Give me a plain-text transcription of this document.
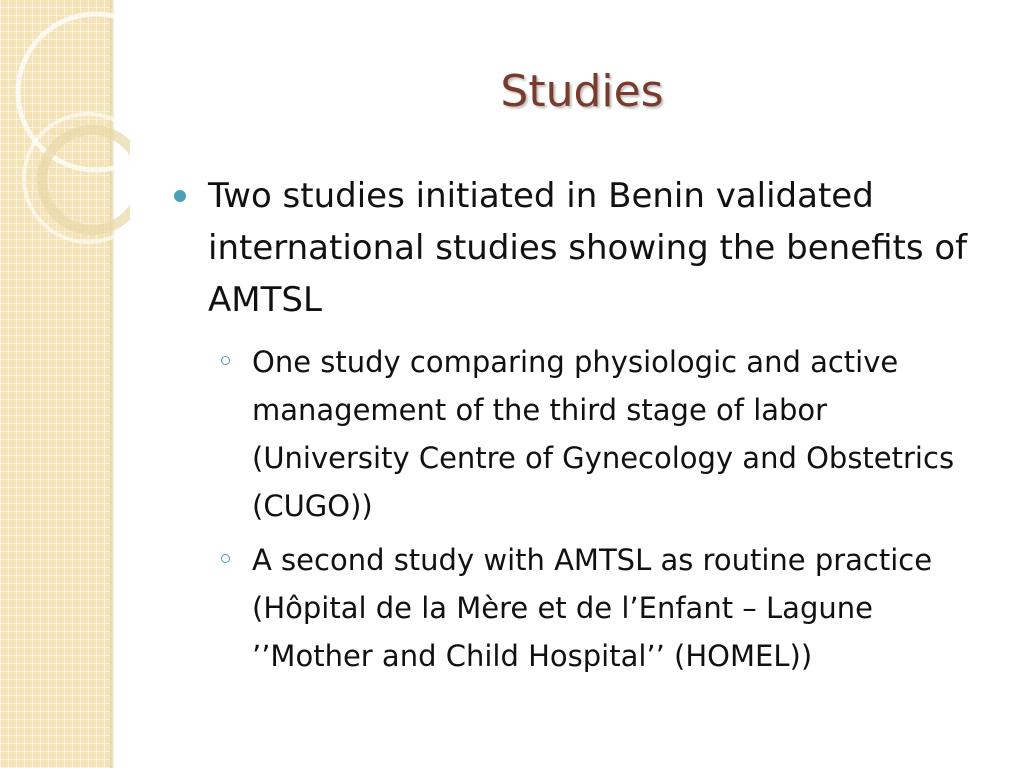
Studies
Two studies initiated in Benin validated international studies showing the benefits of AMTSL
One study comparing physiologic and active management of the third stage of labor (University Centre of Gynecology and Obstetrics (CUGO))
A second study with AMTSL as routine practice (Hôpital de la Mère et de l’Enfant – Lagune ’’Mother and Child Hospital’’ (HOMEL))
